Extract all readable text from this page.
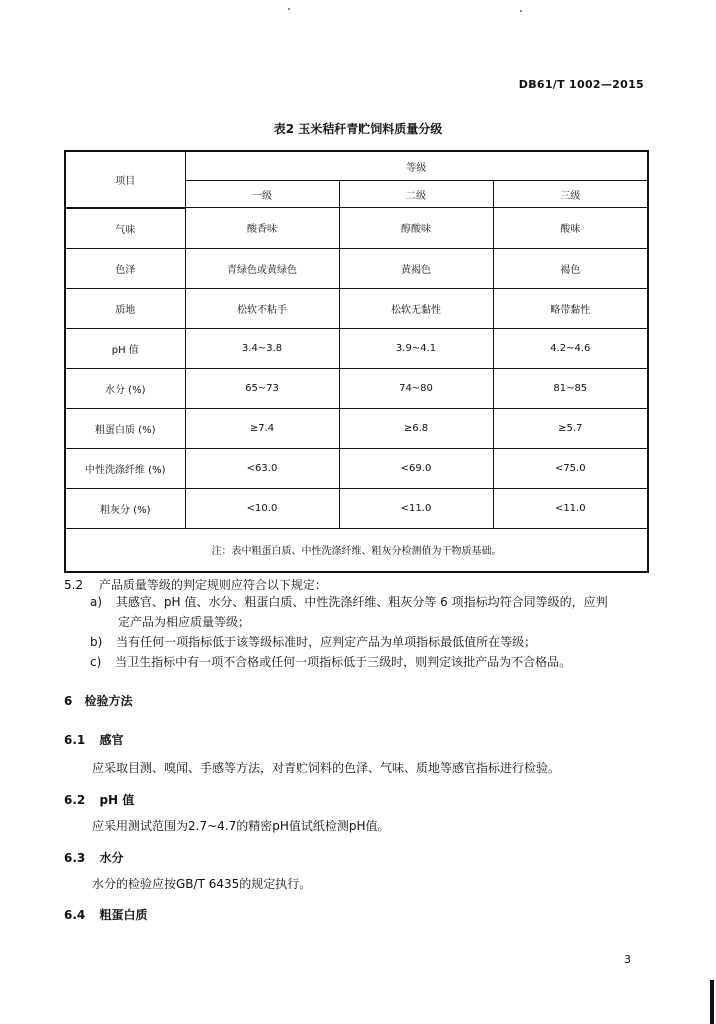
DB61/T 1002—2015
表2 玉米秸秆青贮饲料质量分级
项目	等级		
	一级	二级	三级
气味	酸香味	醇酸味	酸味
色泽	青绿色或黄绿色	黄褐色	褐色
质地	松软不粘手	松软无黏性	略带黏性
pH 值	3.4~3.8	3.9~4.1	4.2~4.6
水分 (%)	65~73	74~80	81~85
粗蛋白质 (%)	≥7.4	≥6.8	≥5.7
中性洗涤纤维 (%)	<63.0	<69.0	<75.0
粗灰分 (%)	<10.0	<11.0	<11.0
注：表中粗蛋白质、中性洗涤纤维、粗灰分检测值为干物质基础。			
5.2 产品质量等级的判定规则应符合以下规定：
a) 其感官、pH 值、水分、粗蛋白质、中性洗涤纤维、粗灰分等 6 项指标均符合同等级的，应判
定产品为相应质量等级；
b) 当有任何一项指标低于该等级标准时，应判定产品为单项指标最低值所在等级；
c) 当卫生指标中有一项不合格或任何一项指标低于三级时，则判定该批产品为不合格品。
6 检验方法
6.1 感官
应采取目测、嗅闻、手感等方法，对青贮饲料的色泽、气味、质地等感官指标进行检验。
6.2 pH 值
应采用测试范围为2.7~4.7的精密pH值试纸检测pH值。
6.3 水分
水分的检验应按GB/T 6435的规定执行。
6.4 粗蛋白质
3
